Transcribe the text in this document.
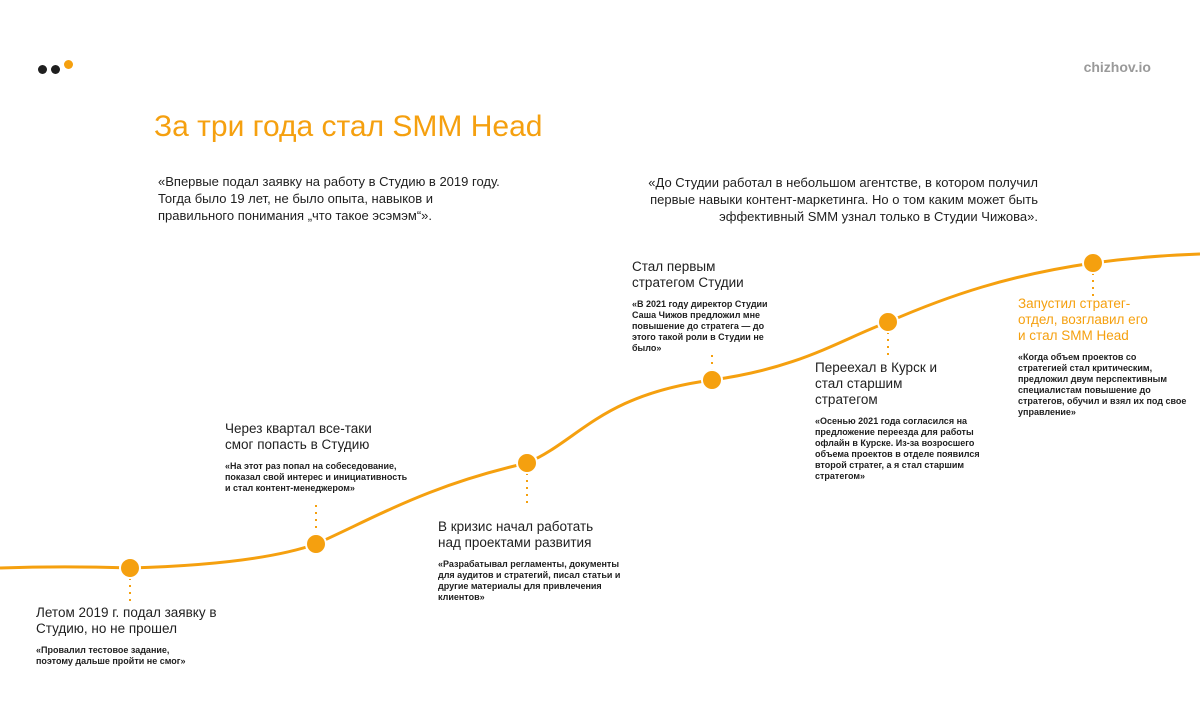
chizhov.io
За три года стал SMM Head
«Впервые подал заявку на работу в Студию в 2019 году. Тогда было 19 лет, не было опыта, навыков и правильного понимания „что такое эсэмэм“».
«До Студии работал в небольшом агентстве, в котором получил первые навыки контент-маркетинга. Но о том каким может быть эффективный SMM узнал только в Студии Чижова».
Летом 2019 г. подал заявку в Студию, но не прошел
«Провалил тестовое задание, поэтому дальше пройти не смог»
Через квартал все-таки смог попасть в Студию
«На этот раз попал на собеседование, показал свой интерес и инициативность и стал контент-менеджером»
В кризис начал работать над проектами развития
«Разрабатывал регламенты, документы для аудитов и стратегий, писал статьи и другие материалы для привлечения клиентов»
Стал первым стратегом Студии
«В 2021 году директор Студии Саша Чижов предложил мне повышение до стратега — до этого такой роли в Студии не было»
Переехал в Курск и стал старшим стратегом
«Осенью 2021 года согласился на предложение переезда для работы офлайн в Курске. Из-за возросшего объема проектов в отделе появился второй стратег, а я стал старшим стратегом»
Запустил стратег-отдел, возглавил его и стал SMM Head
«Когда объем проектов со стратегией стал критическим, предложил двум перспективным специалистам повышение до стратегов, обучил и взял их под свое управление»
